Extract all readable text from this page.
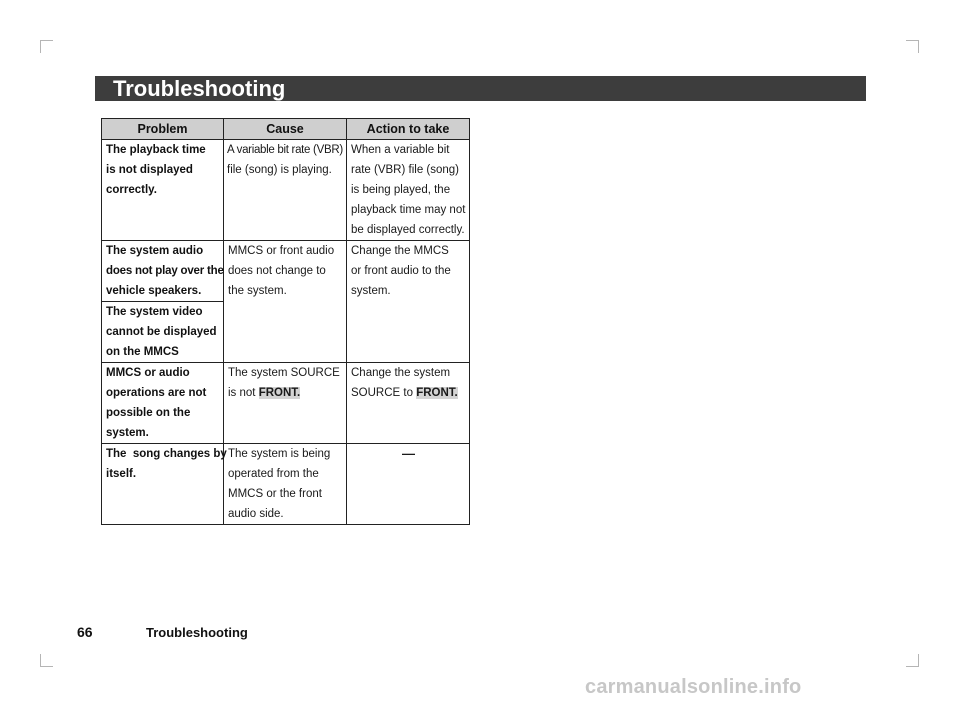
Troubleshooting
Problem	Cause	Action to take

The playback time
is not displayed
correctly.	A variable bit rate (VBR)
file (song) is playing.	When a variable bit
rate (VBR) file (song)
is being played, the
playback time may not
be displayed correctly.

The system audio
does not play over the
vehicle speakers.	MMCS or front audio
does not change to
the system.	Change the MMCS
or front audio to the
system.

The system video
cannot be displayed
on the MMCS		

MMCS or audio
operations are not
possible on the
system.	The system SOURCE
is not FRONT.	Change the system
SOURCE to FRONT.

The  song changes by
itself.	The system is being
operated from the
MMCS or the front
audio side.	—
66	Troubleshooting
carmanualsonline.info
